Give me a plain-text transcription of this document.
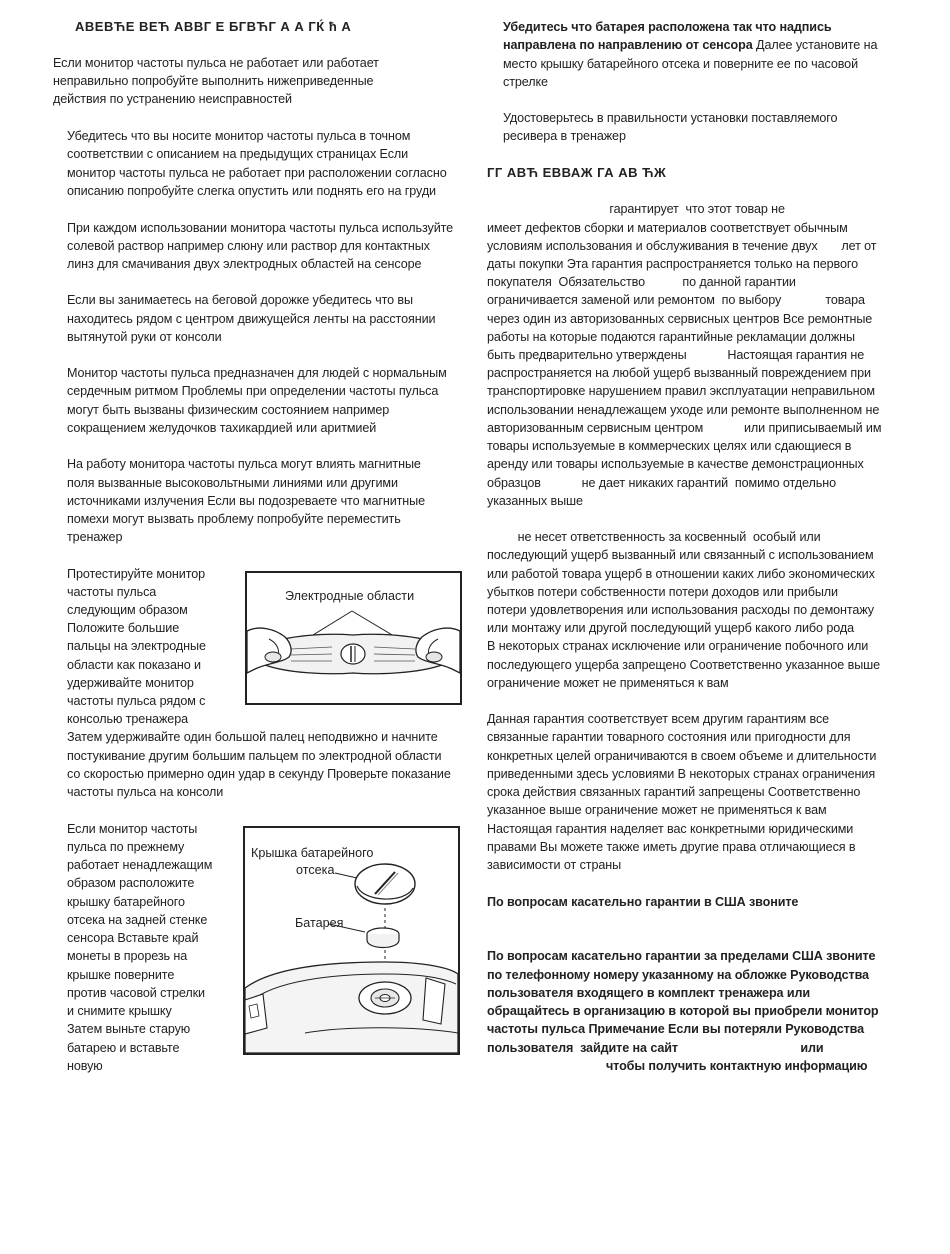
АВЕВЋЕ ВЕЋ АВВГ Е БГВЋГ А А ГЌ ћ А
Если монитор частоты пульса не работает или работает
неправильно попробуйте выполнить нижеприведенные
действия по устранению неисправностей
Убедитесь что вы носите монитор частоты пульса в точном
соответствии с описанием на предыдущих страницах Если
монитор частоты пульса не работает при расположении согласно
описанию попробуйте слегка опустить или поднять его на груди
При каждом использовании монитора частоты пульса используйте
солевой раствор например слюну или раствор для контактных
линз для смачивания двух электродных областей на сенсоре
Если вы занимаетесь на беговой дорожке убедитесь что вы
находитесь рядом с центром движущейся ленты на расстоянии
вытянутой руки от консоли
Монитор частоты пульса предназначен для людей с нормальным
сердечным ритмом Проблемы при определении частоты пульса
могут быть вызваны физическим состоянием например
сокращением желудочков тахикардией или аритмией
На работу монитора частоты пульса могут влиять магнитные
поля вызванные высоковольтными линиями или другими
источниками излучения Если вы подозреваете что магнитные
помехи могут вызвать проблему попробуйте переместить
тренажер
Протестируйте монитор
частоты пульса
следующим образом
Положите большие
пальцы на электродные
области как показано и
удерживайте монитор
частоты пульса рядом с
консолью тренажера
Затем удерживайте один большой палец неподвижно и начните
постукивание другим большим пальцем по электродной области
со скоростью примерно один удар в секунду Проверьте показание
частоты пульса на консоли
Электродные области
Если монитор частоты
пульса по прежнему
работает ненадлежащим
образом расположите
крышку батарейного
отсека на задней стенке
сенсора Вставьте край
монеты в прорезь на
крышке поверните
против часовой стрелки
и снимите крышку
Затем выньте старую
батарею и вставьте
новую
Крышка батарейного
отсека
Батарея
Убедитесь что батарея расположена так что надпись
направлена по направлению от сенсора Далее установите на
место крышку батарейного отсека и поверните ее по часовой
стрелке
Удостоверьтесь в правильности установки поставляемого
ресивера в тренажер
ГГ АВЋ ЕВВАЖ ГА АВ ЋЖ
гарантирует  что этот товар не
имеет дефектов сборки и материалов соответствует обычным
условиям использования и обслуживания в течение двух       лет от
даты покупки Эта гарантия распространяется только на первого
покупателя  Обязательство           по данной гарантии
ограничивается заменой или ремонтом  по выбору             товара
через один из авторизованных сервисных центров Все ремонтные
работы на которые подаются гарантийные рекламации должны
быть предварительно утверждены            Настоящая гарантия не
распространяется на любой ущерб вызванный повреждением при
транспортировке нарушением правил эксплуатации неправильном
использовании ненадлежащем уходе или ремонте выполненном не
авторизованным сервисным центром            или приписываемый им
товары используемые в коммерческих целях или сдающиеся в
аренду или товары используемые в качестве демонстрационных
образцов            не дает никаких гарантий  помимо отдельно
указанных выше
не несет ответственность за косвенный  особый или
последующий ущерб вызванный или связанный с использованием
или работой товара ущерб в отношении каких либо экономических
убытков потери собственности потери доходов или прибыли
потери удовлетворения или использования расходы по демонтажу
или монтажу или другой последующий ущерб какого либо рода
В некоторых странах исключение или ограничение побочного или
последующего ущерба запрещено Соответственно указанное выше
ограничение может не применяться к вам
Данная гарантия соответствует всем другим гарантиям все
связанные гарантии товарного состояния или пригодности для
конкретных целей ограничиваются в своем объеме и длительности
приведенными здесь условиями В некоторых странах ограничения
срока действия связанных гарантий запрещены Соответственно
указанное выше ограничение может не применяться к вам
Настоящая гарантия наделяет вас конкретными юридическими
правами Вы можете также иметь другие права отличающиеся в
зависимости от страны
По вопросам касательно гарантии в США звоните
По вопросам касательно гарантии за пределами США звоните
по телефонному номеру указанному на обложке Руководства
пользователя входящего в комплект тренажера или
обращайтесь в организацию в которой вы приобрели монитор
частоты пульса Примечание Если вы потеряли Руководства
пользователя  зайдите на сайт                                    или
чтобы получить контактную информацию
